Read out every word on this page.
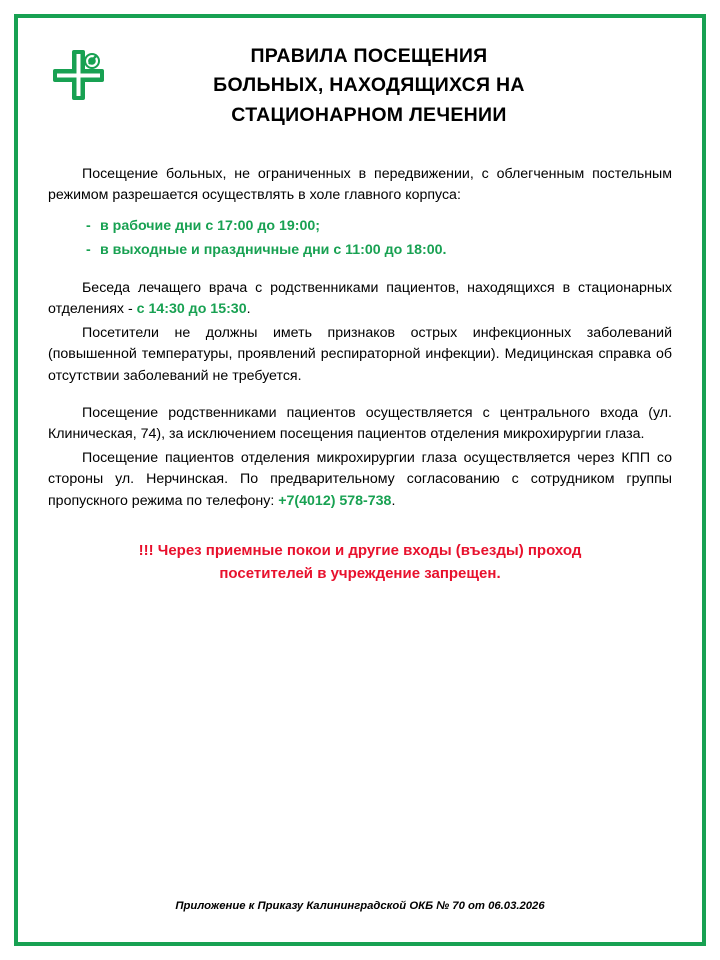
ПРАВИЛА ПОСЕЩЕНИЯ
БОЛЬНЫХ, НАХОДЯЩИХСЯ НА
СТАЦИОНАРНОМ ЛЕЧЕНИИ

Посещение больных, не ограниченных в передвижении, с облегченным постельным режимом разрешается осуществлять в холе главного корпуса:

- в рабочие дни с 17:00 до 19:00;
- в выходные и праздничные дни с 11:00 до 18:00.

Беседа лечащего врача с родственниками пациентов, находящихся в стационарных отделениях - с 14:30 до 15:30.

Посетители не должны иметь признаков острых инфекционных заболеваний (повышенной температуры, проявлений респираторной инфекции). Медицинская справка об отсутствии заболеваний не требуется.

Посещение родственниками пациентов осуществляется с центрального входа (ул. Клиническая, 74), за исключением посещения пациентов отделения микрохирургии глаза.

Посещение пациентов отделения микрохирургии глаза осуществляется через КПП со стороны ул. Нерчинская. По предварительному согласованию с сотрудником группы пропускного режима по телефону: +7(4012) 578-738.

!!! Через приемные покои и другие входы (въезды) проход
посетителей в учреждение запрещен.
Приложение к Приказу Калининградской ОКБ № 70 от 06.03.2026
